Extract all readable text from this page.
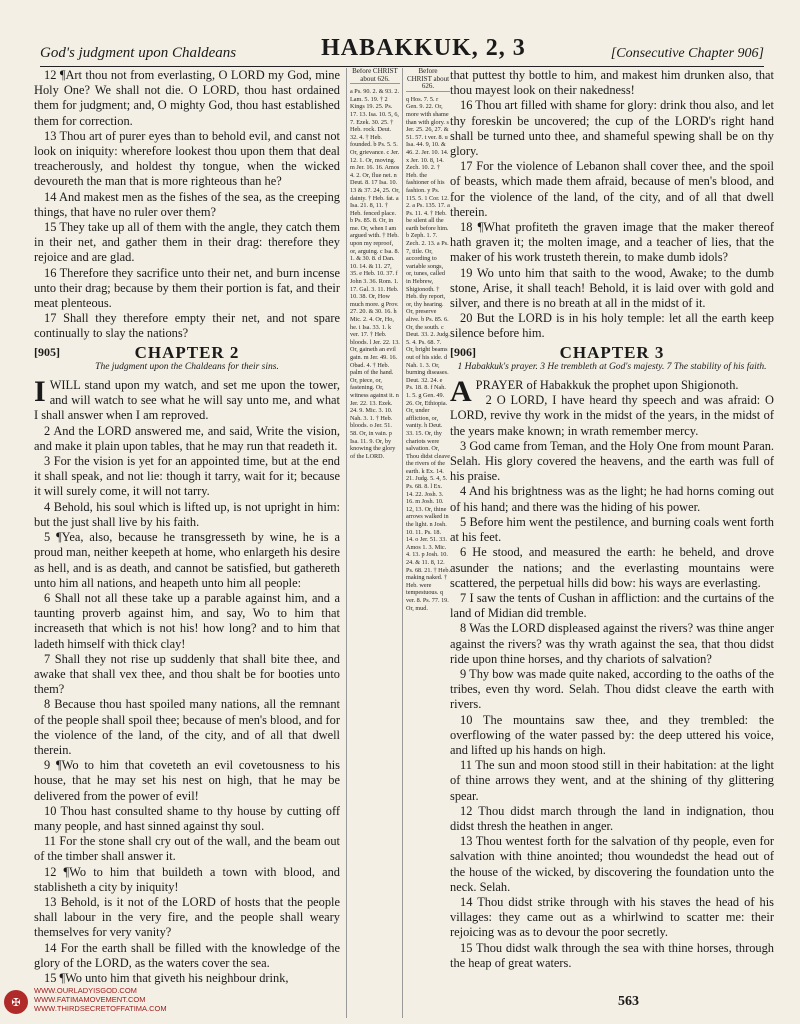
God's judgment upon Chaldeans	HABAKKUK, 2, 3	[Consecutive Chapter 906]

12 ¶Art thou not from everlasting, O LORD my God, mine Holy One? We shall not die. O LORD, thou hast ordained them for judgment; and, O mighty God, thou hast established them for correction.

13 Thou art of purer eyes than to behold evil, and canst not look on iniquity: wherefore lookest thou upon them that deal treacherously, and holdest thy tongue, when the wicked devoureth the man that is more righteous than he?

14 And makest men as the fishes of the sea, as the creeping things, that have no ruler over them?

15 They take up all of them with the angle, they catch them in their net, and gather them in their drag: therefore they rejoice and are glad.

16 Therefore they sacrifice unto their net, and burn incense unto their drag; because by them their portion is fat, and their meat plenteous.

17 Shall they therefore empty their net, and not spare continually to slay the nations?

[905]	CHAPTER 2
The judgment upon the Chaldeans for their sins.

IWILL stand upon my watch, and set me upon the tower, and will watch to see what he will say unto me, and what I shall answer when I am reproved.

2 And the LORD answered me, and said, Write the vision, and make it plain upon tables, that he may run that readeth it.

3 For the vision is yet for an appointed time, but at the end it shall speak, and not lie: though it tarry, wait for it; because it will surely come, it will not tarry.

4 Behold, his soul which is lifted up, is not upright in him: but the just shall live by his faith.

5 ¶Yea, also, because he transgresseth by wine, he is a proud man, neither keepeth at home, who enlargeth his desire as hell, and is as death, and cannot be satisfied, but gathereth unto him all nations, and heapeth unto him all people:

6 Shall not all these take up a parable against him, and a taunting proverb against him, and say, Wo to him that increaseth that which is not his! how long? and to him that ladeth himself with thick clay!

7 Shall they not rise up suddenly that shall bite thee, and awake that shall vex thee, and thou shalt be for booties unto them?

8 Because thou hast spoiled many nations, all the remnant of the people shall spoil thee; because of men's blood, and for the violence of the land, of the city, and of all that dwell therein.

9 ¶Wo to him that coveteth an evil covetousness to his house, that he may set his nest on high, that he may be delivered from the power of evil!

10 Thou hast consulted shame to thy house by cutting off many people, and hast sinned against thy soul.

11 For the stone shall cry out of the wall, and the beam out of the timber shall answer it.

12 ¶Wo to him that buildeth a town with blood, and stablisheth a city by iniquity!

13 Behold, is it not of the LORD of hosts that the people shall labour in the very fire, and the people shall weary themselves for very vanity?

14 For the earth shall be filled with the knowledge of the glory of the LORD, as the waters cover the sea.

15 ¶Wo unto him that giveth his neighbour drink,

Before CHRIST about 626.
a Ps. 90. 2. & 93. 2. Lam. 5. 19. † 2 Kings 19. 25. Ps. 17. 13. Isa. 10. 5, 6, 7. Ezek. 30. 25. † Heb. rock. Deut. 32. 4. † Heb. founded. b Ps. 5. 5. Or, grievance. c Jer. 12. 1. Or, moving. m Jer. 16. 16. Amos 4. 2. Or, flue net. n Deut. 8. 17 Isa. 10. 13 & 37. 24, 25. Or, dainty. † Heb. fat. a Isa. 21. 8, 11. † Heb. fenced place. b Ps. 85. 8. Or, in me. Or, when I am argued with. † Heb. upon my reproof, or, arguing. c Isa. 8. 1. & 30. 8. d Dan. 10. 14. & 11. 27, 35. e Heb. 10. 37. f John 3. 36. Rom. 1. 17. Gal. 3. 11. Heb. 10. 38. Or, How much more. g Prov. 27. 20. & 30. 16. h Mic. 2. 4. Or, Ho, he. i Isa. 33. 1. k ver. 17. † Heb. bloods. l Jer. 22. 13. Or, gaineth an evil gain. m Jer. 49. 16. Obad. 4. † Heb. palm of the hand. Or, piece, or, fastening. Or, witness against it. n Jer. 22. 13. Ezek. 24. 9. Mic. 3. 10. Nah. 3. 1. † Heb. bloods. o Jer. 51. 58. Or, in vain. p Isa. 11. 9. Or, by knowing the glory of the LORD.
Before CHRIST about 626.
q Hos. 7. 5. r Gen. 9. 22. Or, more with shame than with glory. s Jer. 25. 26, 27. & 51. 57. t ver. 8. u Isa. 44. 9, 10. & 46. 2. Jer. 10. 14. x Jer. 10. 8, 14. Zech. 10. 2. † Heb. the fashioner of his fashion. y Ps. 115. 5. 1 Cor. 12. 2. a Ps. 135. 17. a Ps. 11. 4. † Heb. be silent all the earth before him. b Zeph. 1. 7. Zech. 2. 13. a Ps. 7, title. Or, according to variable songs, or, tunes, called in Hebrew, Shigionoth. † Heb. thy report, or, thy hearing. Or, preserve alive. b Ps. 85. 6. Or, the south. c Deut. 33. 2. Judg. 5. 4. Ps. 68. 7. Or, bright beams out of his side. d Nah. 1. 3. Or, burning diseases. Deut. 32. 24. e Ps. 18. 8. f Nah. 1. 5. g Gen. 49. 26. Or, Ethiopia. Or, under affliction, or, vanity. h Deut. 33. 15. Or, thy chariots were salvation. Or, Thou didst cleave the rivers of the earth. k Ex. 14. 21. Judg. 5. 4, 5. Ps. 68. 8. l Ex. 14. 22. Josh. 3. 16. m Josh. 10. 12, 13. Or, thine arrows walked in the light. n Josh. 10. 11. Ps. 18. 14. o Jer. 51. 33. Amos 1. 3. Mic. 4. 13. p Josh. 10. 24. & 11. 8, 12. Ps. 68. 21. † Heb. making naked. † Heb. were tempestuous. q ver. 8. Ps. 77. 19. Or, mud.

that puttest thy bottle to him, and makest him drunken also, that thou mayest look on their nakedness!

16 Thou art filled with shame for glory: drink thou also, and let thy foreskin be uncovered; the cup of the LORD's right hand shall be turned unto thee, and shameful spewing shall be on thy glory.

17 For the violence of Lebanon shall cover thee, and the spoil of beasts, which made them afraid, because of men's blood, and for the violence of the land, of the city, and of all that dwell therein.

18 ¶What profiteth the graven image that the maker thereof hath graven it; the molten image, and a teacher of lies, that the maker of his work trusteth therein, to make dumb idols?

19 Wo unto him that saith to the wood, Awake; to the dumb stone, Arise, it shall teach! Behold, it is laid over with gold and silver, and there is no breath at all in the midst of it.

20 But the LORD is in his holy temple: let all the earth keep silence before him.

[906]	CHAPTER 3
1 Habakkuk's prayer. 3 He trembleth at God's majesty. 7 The stability of his faith.

APRAYER of Habakkuk the prophet upon Shigionoth.

2 O LORD, I have heard thy speech and was afraid: O LORD, revive thy work in the midst of the years, in the midst of the years make known; in wrath remember mercy.

3 God came from Teman, and the Holy One from mount Paran. Selah. His glory covered the heavens, and the earth was full of his praise.

4 And his brightness was as the light; he had horns coming out of his hand; and there was the hiding of his power.

5 Before him went the pestilence, and burning coals went forth at his feet.

6 He stood, and measured the earth: he beheld, and drove asunder the nations; and the everlasting mountains were scattered, the perpetual hills did bow: his ways are everlasting.

7 I saw the tents of Cushan in affliction: and the curtains of the land of Midian did tremble.

8 Was the LORD displeased against the rivers? was thine anger against the rivers? was thy wrath against the sea, that thou didst ride upon thine horses, and thy chariots of salvation?

9 Thy bow was made quite naked, according to the oaths of the tribes, even thy word. Selah. Thou didst cleave the earth with rivers.

10 The mountains saw thee, and they trembled: the overflowing of the water passed by: the deep uttered his voice, and lifted up his hands on high.

11 The sun and moon stood still in their habitation: at the light of thine arrows they went, and at the shining of thy glittering spear.

12 Thou didst march through the land in indignation, thou didst thresh the heathen in anger.

13 Thou wentest forth for the salvation of thy people, even for salvation with thine anointed; thou woundedst the head out of the house of the wicked, by discovering the foundation unto the neck. Selah.

14 Thou didst strike through with his staves the head of his villages: they came out as a whirlwind to scatter me: their rejoicing was as to devour the poor secretly.

15 Thou didst walk through the sea with thine horses, through the heap of great waters.

563
✠
WWW.OURLADYISGOD.COM
WWW.FATIMAMOVEMENT.COM
WWW.THIRDSECRETOFFATIMA.COM
